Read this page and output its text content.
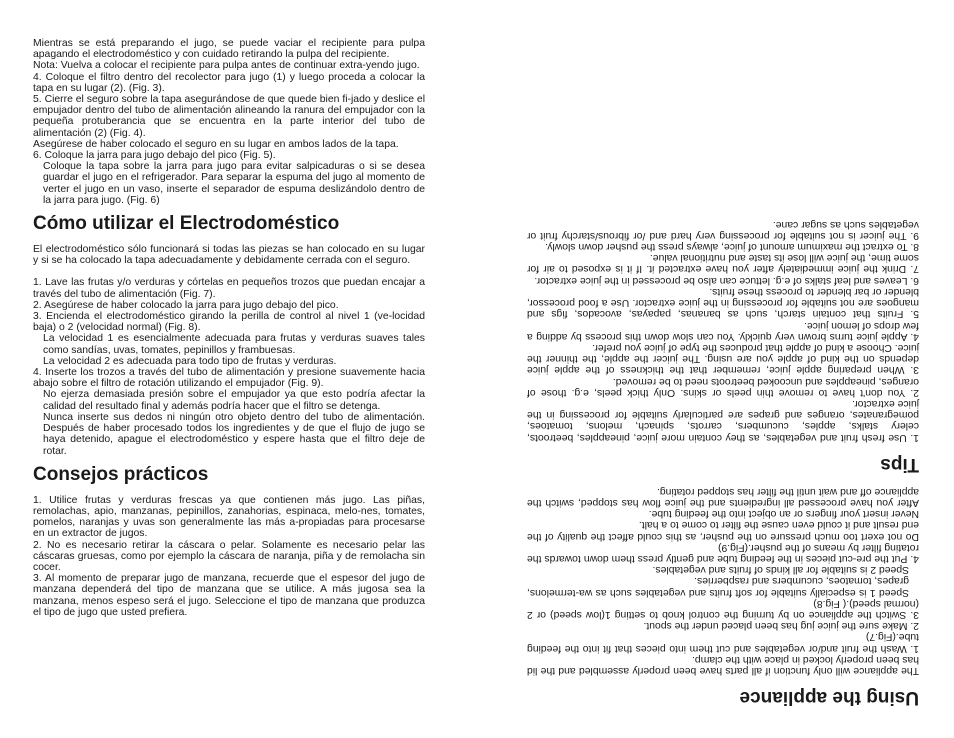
Mientras se está preparando el jugo, se puede vaciar el recipiente para pulpa apagando el electrodoméstico y con cuidado retirando la pulpa del recipiente.

Nota: Vuelva a colocar el recipiente para pulpa antes de continuar extra-yendo jugo.

4. Coloque el filtro dentro del recolector para jugo (1) y luego proceda a colocar la tapa en su lugar (2). (Fig. 3).

5. Cierre el seguro sobre la tapa asegurándose de que quede bien fi-jado y deslice el empujador dentro del tubo de alimentación alineando la ranura del empujador con la pequeña protuberancia que se encuentra en la parte interior del tubo de alimentación (2) (Fig. 4).

Asegúrese de haber colocado el seguro en su lugar en ambos lados de la tapa.

6. Coloque la jarra para jugo debajo del pico (Fig. 5).

Coloque la tapa sobre la jarra para jugo para evitar salpicaduras o si se desea guardar el jugo en el refrigerador. Para separar la espuma del jugo al momento de verter el jugo en un vaso, inserte el separador de espuma deslizándolo dentro de la jarra para jugo. (Fig. 6)

Cómo utilizar el Electrodoméstico

El electrodoméstico sólo funcionará si todas las piezas se han colocado en su lugar y si se ha colocado la tapa adecuadamente y debidamente cerrada con el seguro.

1. Lave las frutas y/o verduras y córtelas en pequeños trozos que puedan encajar a través del tubo de alimentación (Fig. 7).

2. Asegúrese de haber colocado la jarra para jugo debajo del pico.

3. Encienda el electrodoméstico girando la perilla de control al nivel 1 (ve-locidad baja) o 2 (velocidad normal) (Fig. 8).

La velocidad 1 es esencialmente adecuada para frutas y verduras suaves tales como sandías, uvas, tomates, pepinillos y frambuesas.

La velocidad 2 es adecuada para todo tipo de frutas y verduras.

4. Inserte los trozos a través del tubo de alimentación y presione suavemente hacia abajo sobre el filtro de rotación utilizando el empujador (Fig. 9).

No ejerza demasiada presión sobre el empujador ya que esto podría afectar la calidad del resultado final y además podría hacer que el filtro se detenga.

Nunca inserte sus dedos ni ningún otro objeto dentro del tubo de alimentación. Después de haber procesado todos los ingredientes y de que el flujo de jugo se haya detenido, apague el electrodoméstico y espere hasta que el filtro deje de rotar.

Consejos prácticos

1. Utilice frutas y verduras frescas ya que contienen más jugo. Las piñas, remolachas, apio, manzanas, pepinillos, zanahorias, espinaca, melo-nes, tomates, pomelos, naranjas y uvas son generalmente las más a-propiadas para procesarse en un extractor de jugos.

2. No es necesario retirar la cáscara o pelar. Solamente es necesario pelar las cáscaras gruesas, como por ejemplo la cáscara de naranja, piña y de remolacha sin cocer.

3. Al momento de preparar jugo de manzana, recuerde que el espesor del jugo de manzana dependerá del tipo de manzana que se utilice. A más jugosa sea la manzana, menos espeso será el jugo. Seleccione el tipo de manzana que produzca el tipo de jugo que usted prefiera.

Using the appliance

The appliance will only function if all parts have been properly assembled and the lid has been properly locked in place with the clamp.

1. Wash the fruit and/or vegetables and cut them into pieces that fit into the feeding tube.(Fig.7)

2. Make sure the juice jug has been placed under the spout.

3. Switch the appliance on by turning the control knob to setting 1(low speed) or 2 (normal speed).( Fig.8)

Speed 1 is especially suitable for soft fruits and vegetables such as wa-termelons, grapes, tomatoes, cucumbers and raspberries.

Speed 2 is suitable for all kinds of fruits and vegetables.

4. Put the pre-cut pieces in the feeding tube and gently press them down towards the rotating filter by means of the pusher.(Fig.9)

Do not exert too much pressure on the pusher, as this could affect the quality of the end result and it could even cause the filter to come to a halt.

Never insert your fingers or an object into the feeding tube.

After you have processed all ingredients and the juice flow has stopped, switch the appliance off and wait until the filter has stopped rotating.

Tips

1. Use fresh fruit and vegetables, as they contain more juice, pineapples, beetroots, celery stalks, apples, cucumbers, carrots, spinach, melons, tomatoes, pomegranates, oranges and grapes are particularly suitable for processing in the juice extractor.

2. You don't have to remove thin peels or skins. Only thick peels, e.g. those of oranges, pineapples and uncooked beetroots need to be removed.

3. When preparing apple juice, remember that the thickness of the apple juice depends on the kind of apple you are using. The juicer the apple, the thinner the juice. Choose a kind of apple that produces the type of juice you prefer.

4. Apple juice turns brown very quickly. You can slow down this process by adding a few drops of lemon juice.

5. Fruits that contain starch, such as bananas, papayas, avocados, figs and mangoes are not suitable for processing in the juice extractor. Use a food processor, blender or bar blender to process these fruits.

6. Leaves and leaf stalks of e.g. lettuce can also be processed in the juice extractor.

7. Drink the juice immediately after you have extracted it. If it is exposed to air for some time, the juice will lose its taste and nutritional value.

8. To extract the maximum amount of juice, always press the pusher down slowly.

9. The juicer is not suitable for processing very hard and /or fibrous/starchy fruit or vegetables such as sugar cane.
